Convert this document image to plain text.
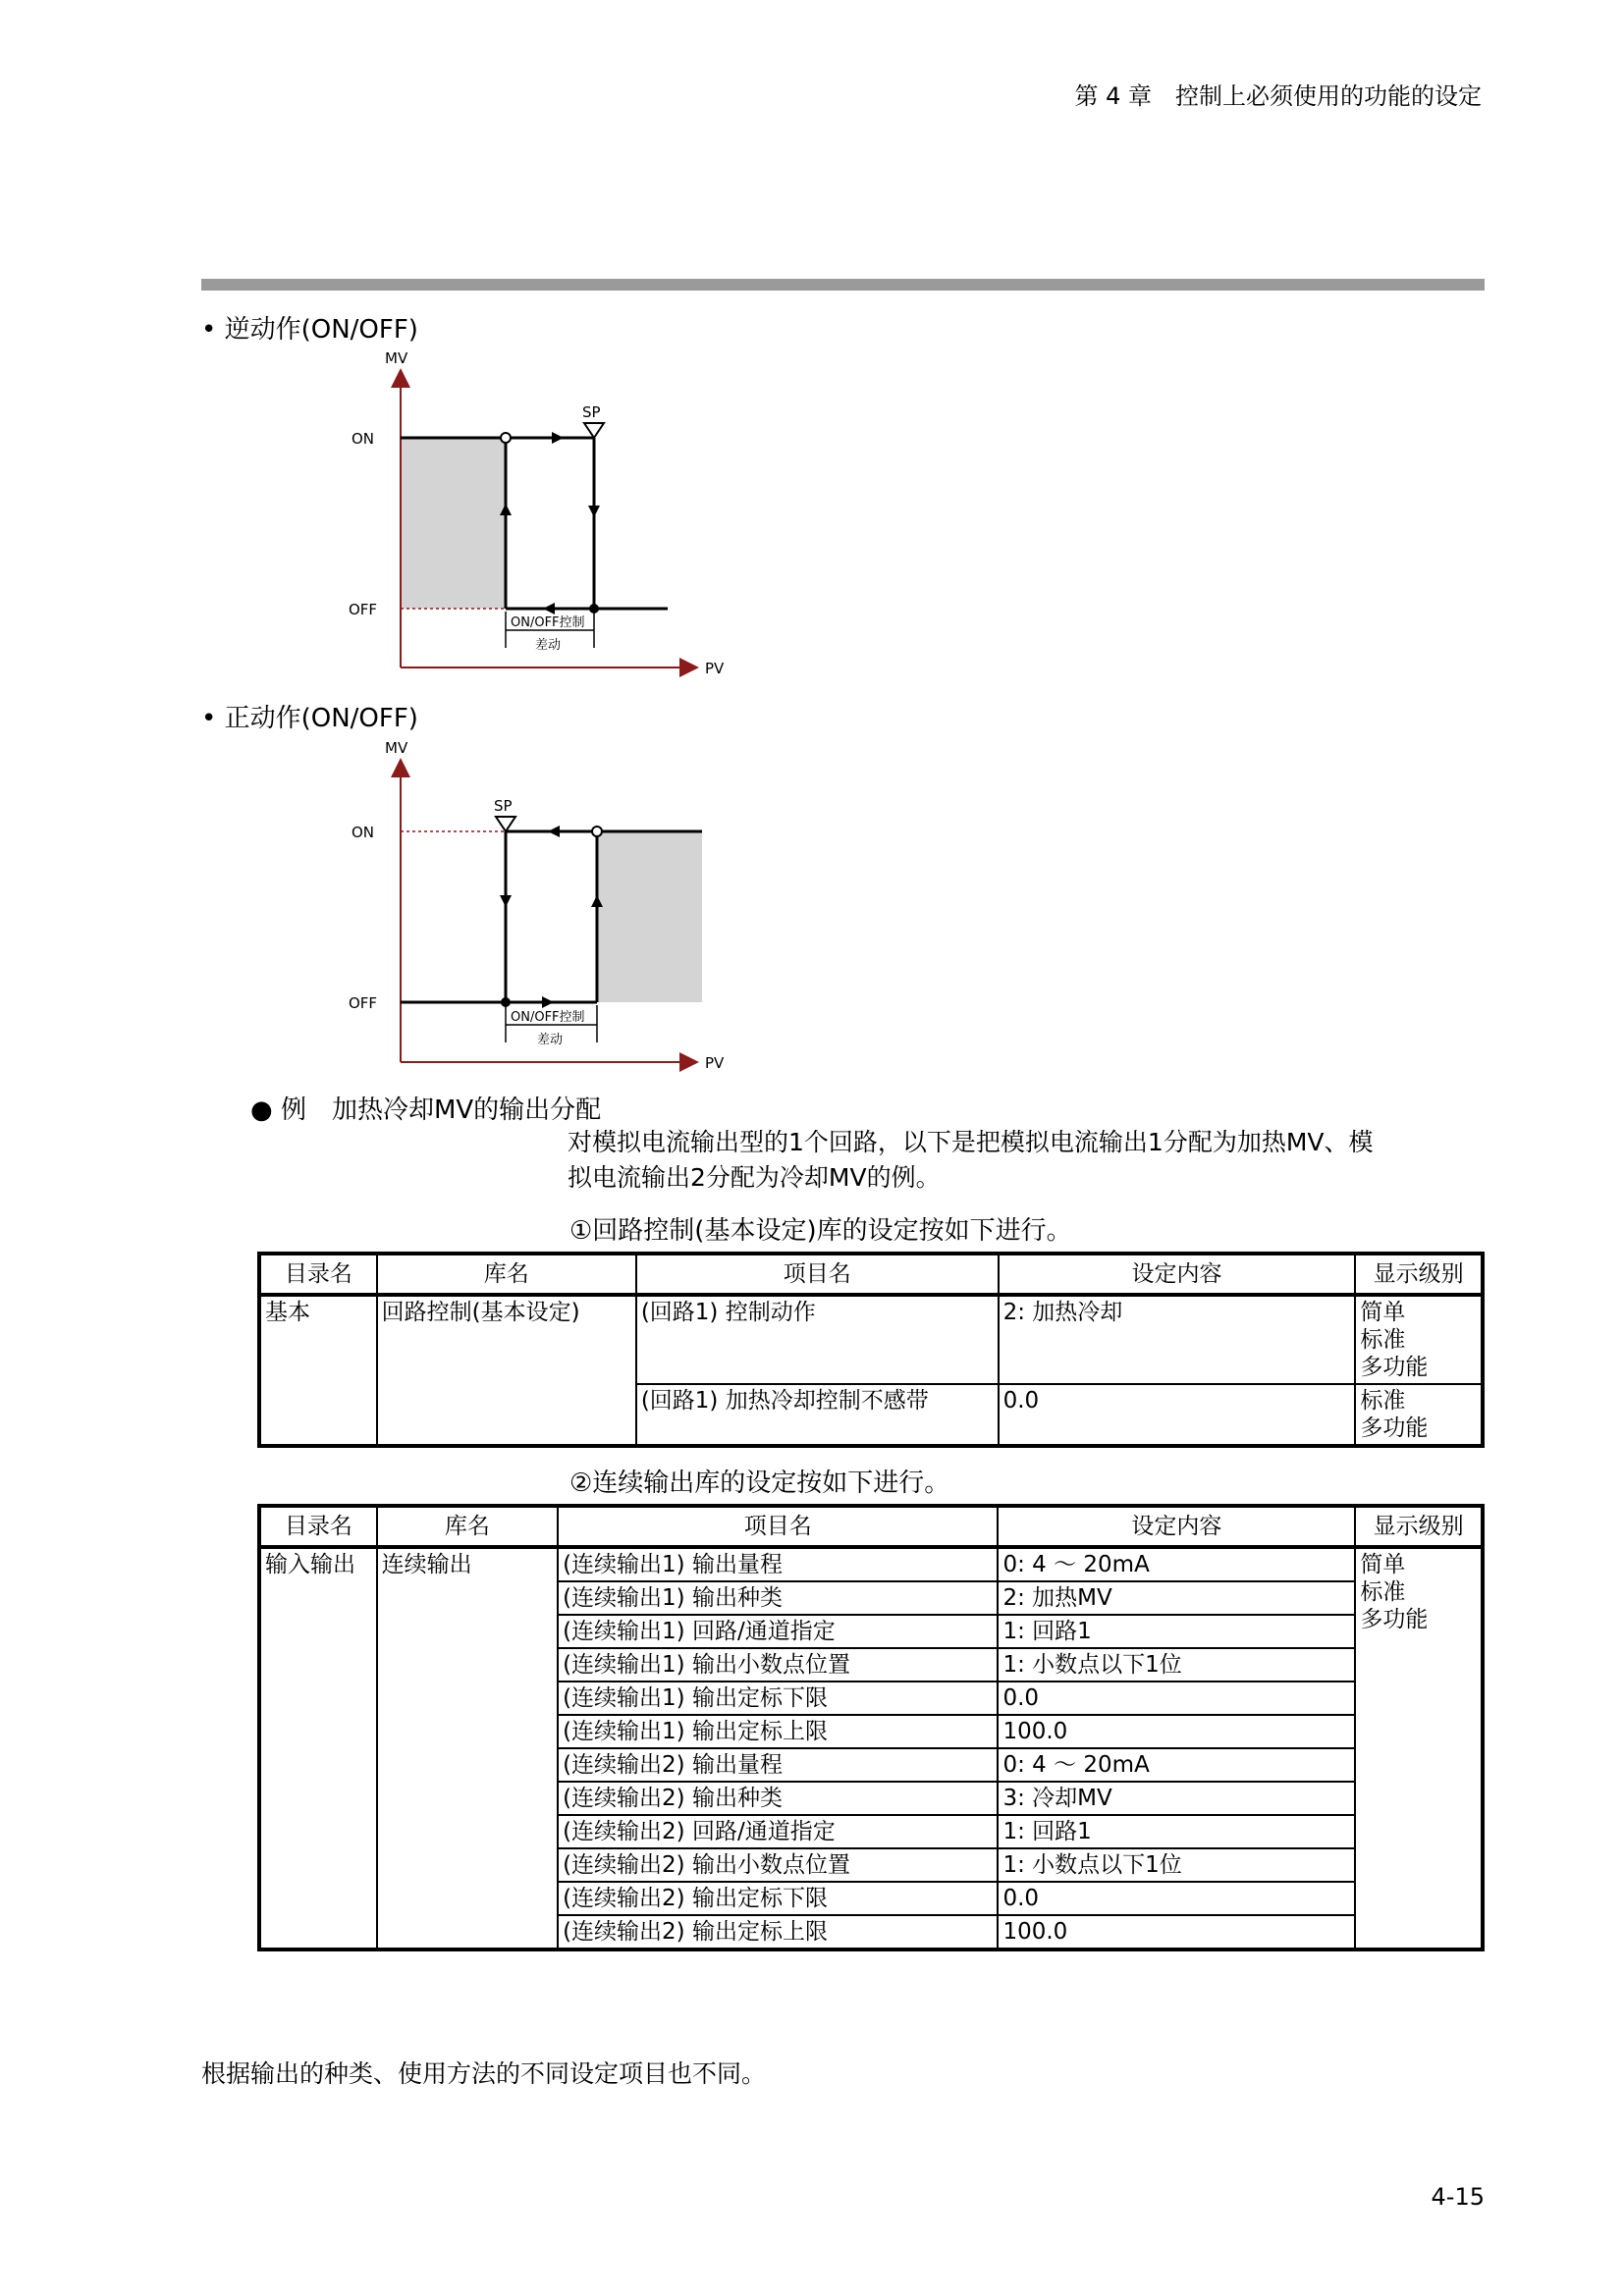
第 4 章　控制上必须使用的功能的设定
• 逆动作(ON/OFF)
MV
ON
OFF
SP
PV
ON/OFF控制
差动
• 正动作(ON/OFF)
MV
ON
OFF
SP
PV
ON/OFF控制
差动
● 例　加热冷却MV的输出分配
对模拟电流输出型的1个回路，以下是把模拟电流输出1分配为加热MV、模
拟电流输出2分配为冷却MV的例。
①回路控制(基本设定)库的设定按如下进行。
目录名	库名	项目名	设定内容	显示级别
基本	回路控制(基本设定)	(回路1) 控制动作	2: 加热冷却	简单
标准
多功能

		(回路1) 加热冷却控制不感带	0.0	标准
多功能
②连续输出库的设定按如下进行。
目录名	库名	项目名	设定内容	显示级别
输入输出	连续输出	(连续输出1) 输出量程	0: 4 ～ 20mA	简单
标准
多功能

		(连续输出1) 输出种类	2: 加热MV	
		(连续输出1) 回路/通道指定	1: 回路1	
		(连续输出1) 输出小数点位置	1: 小数点以下1位	
		(连续输出1) 输出定标下限	0.0	
		(连续输出1) 输出定标上限	100.0	
		(连续输出2) 输出量程	0: 4 ～ 20mA	
		(连续输出2) 输出种类	3: 冷却MV	
		(连续输出2) 回路/通道指定	1: 回路1	
		(连续输出2) 输出小数点位置	1: 小数点以下1位	
		(连续输出2) 输出定标下限	0.0	
		(连续输出2) 输出定标上限	100.0	
根据输出的种类、使用方法的不同设定项目也不同。
4-15
